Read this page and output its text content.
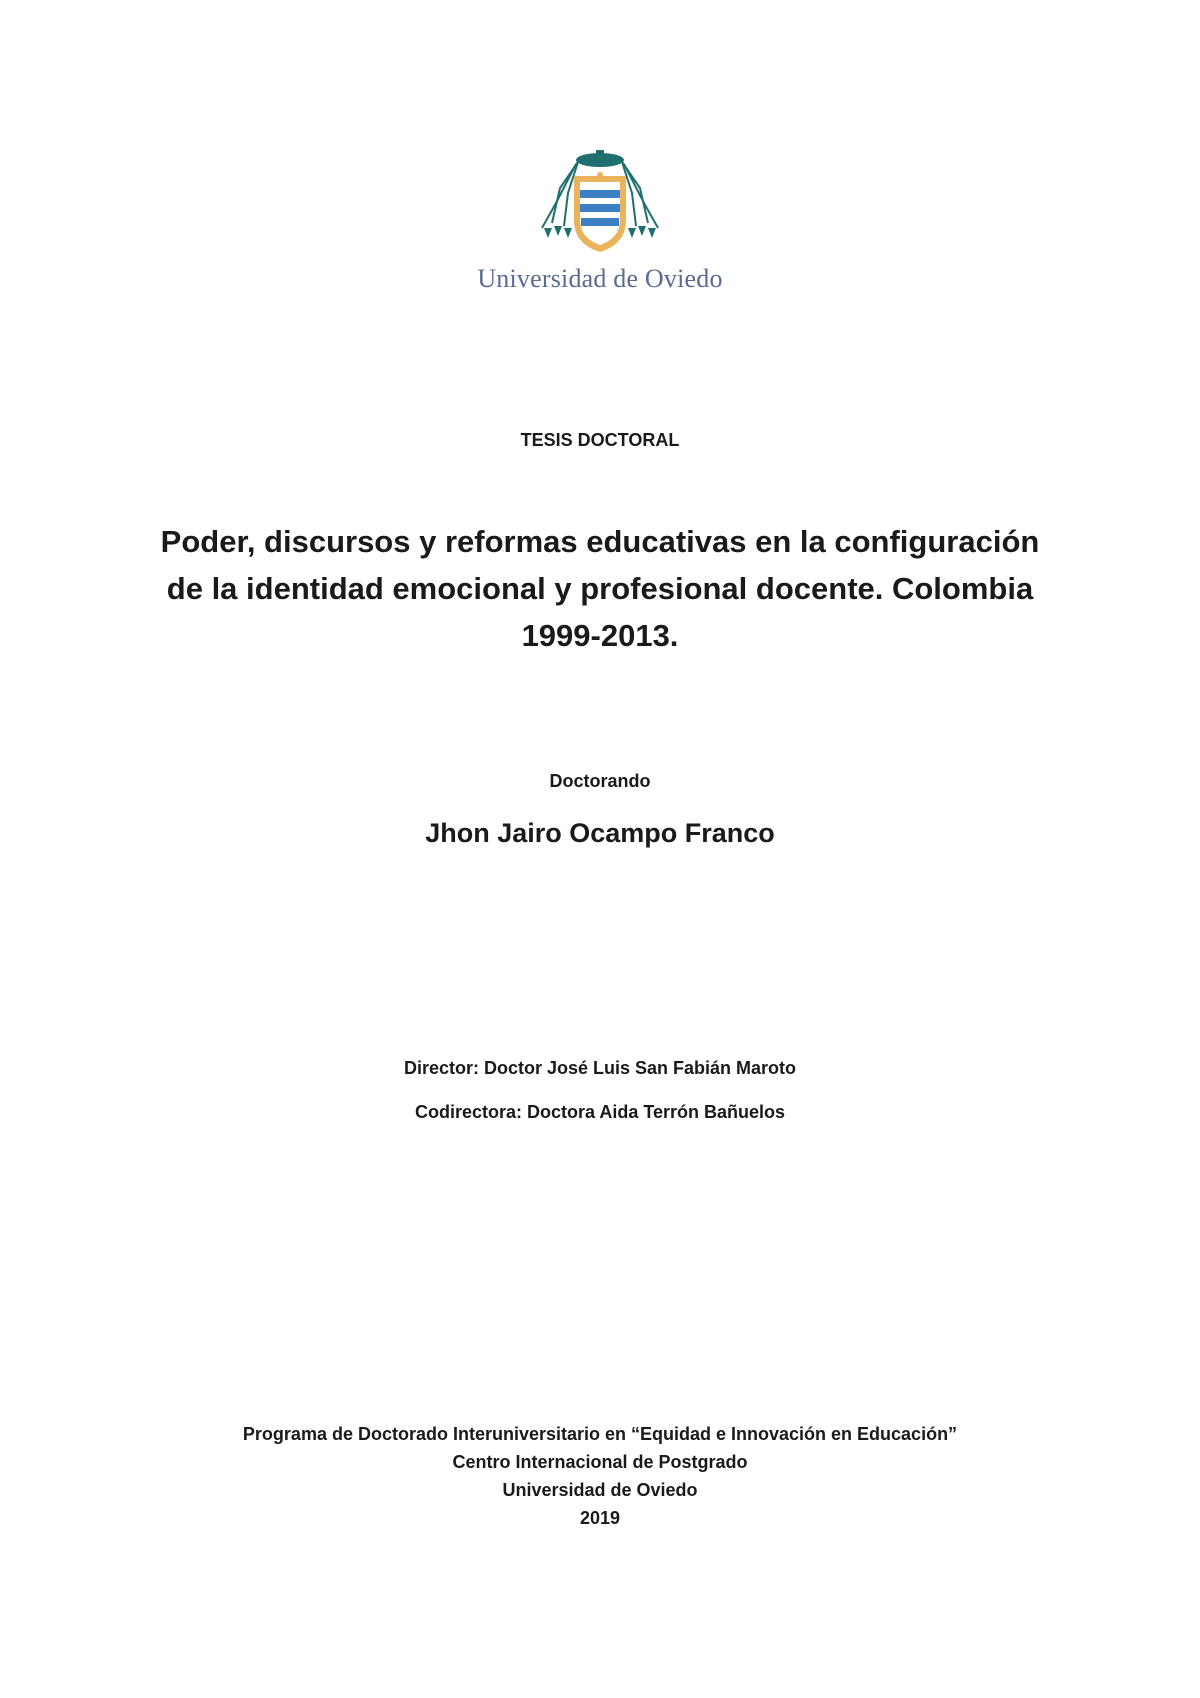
Universidad de Oviedo
TESIS DOCTORAL
Poder, discursos y reformas educativas en la configuración
de la identidad emocional y profesional docente. Colombia
1999-2013.
Doctorando
Jhon Jairo Ocampo Franco
Director: Doctor José Luis San Fabián Maroto
Codirectora: Doctora Aida Terrón Bañuelos
Programa de Doctorado Interuniversitario en “Equidad e Innovación en Educación”
Centro Internacional de Postgrado
Universidad de Oviedo
2019
